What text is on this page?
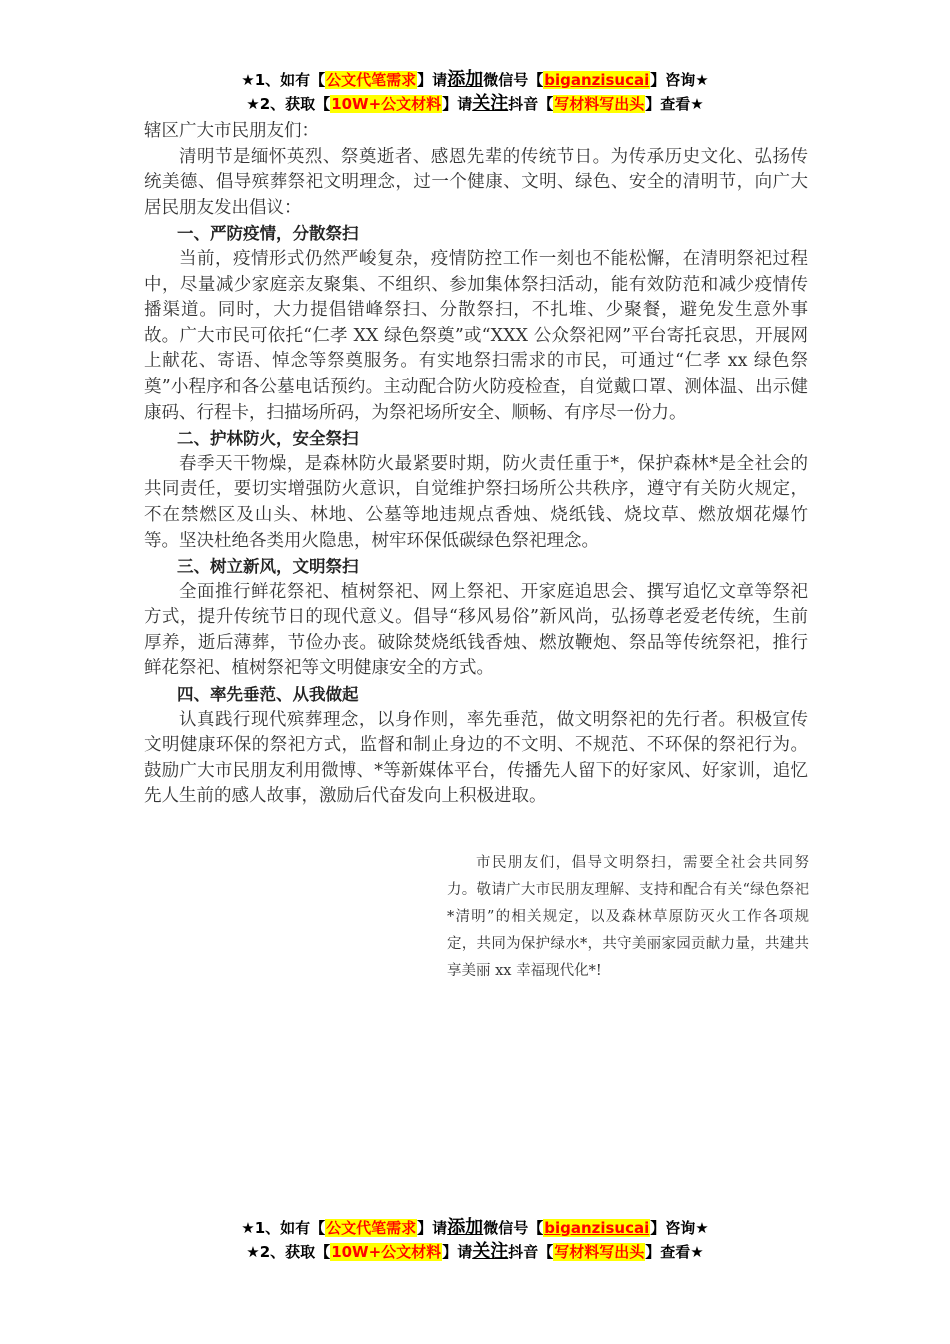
★1、如有【公文代笔需求】请添加微信号【biganzisucai】咨询★
★2、获取【10W+公文材料】请关注抖音【写材料写出头】查看★

辖区广大市民朋友们：

清明节是缅怀英烈、祭奠逝者、感恩先辈的传统节日。为传承历史文化、弘扬传统美德、倡导殡葬祭祀文明理念，过一个健康、文明、绿色、安全的清明节，向广大居民朋友发出倡议：

一、严防疫情，分散祭扫

当前，疫情形式仍然严峻复杂，疫情防控工作一刻也不能松懈，在清明祭祀过程中，尽量减少家庭亲友聚集、不组织、参加集体祭扫活动，能有效防范和减少疫情传播渠道。同时，大力提倡错峰祭扫、分散祭扫，不扎堆、少聚餐，避免发生意外事故。广大市民可依托“仁孝 XX 绿色祭奠”或“XXX 公众祭祀网”平台寄托哀思，开展网上献花、寄语、悼念等祭奠服务。有实地祭扫需求的市民，可通过“仁孝 xx 绿色祭奠”小程序和各公墓电话预约。主动配合防火防疫检查，自觉戴口罩、测体温、出示健康码、行程卡，扫描场所码，为祭祀场所安全、顺畅、有序尽一份力。

二、护林防火，安全祭扫

春季天干物燥，是森林防火最紧要时期，防火责任重于*，保护森林*是全社会的共同责任，要切实增强防火意识，自觉维护祭扫场所公共秩序，遵守有关防火规定，不在禁燃区及山头、林地、公墓等地违规点香烛、烧纸钱、烧坟草、燃放烟花爆竹等。坚决杜绝各类用火隐患，树牢环保低碳绿色祭祀理念。

三、树立新风，文明祭扫

全面推行鲜花祭祀、植树祭祀、网上祭祀、开家庭追思会、撰写追忆文章等祭祀方式，提升传统节日的现代意义。倡导“移风易俗”新风尚，弘扬尊老爱老传统，生前厚养，逝后薄葬，节俭办丧。破除焚烧纸钱香烛、燃放鞭炮、祭品等传统祭祀，推行鲜花祭祀、植树祭祀等文明健康安全的方式。

四、率先垂范、从我做起

认真践行现代殡葬理念，以身作则，率先垂范，做文明祭祀的先行者。积极宣传文明健康环保的祭祀方式，监督和制止身边的不文明、不规范、不环保的祭祀行为。鼓励广大市民朋友利用微博、*等新媒体平台，传播先人留下的好家风、好家训，追忆先人生前的感人故事，激励后代奋发向上积极进取。

市民朋友们，倡导文明祭扫，需要全社会共同努力。敬请广大市民朋友理解、支持和配合有关“绿色祭祀*清明”的相关规定，以及森林草原防灭火工作各项规定，共同为保护绿水*，共守美丽家园贡献力量，共建共享美丽 xx 幸福现代化*!

★1、如有【公文代笔需求】请添加微信号【biganzisucai】咨询★
★2、获取【10W+公文材料】请关注抖音【写材料写出头】查看★
